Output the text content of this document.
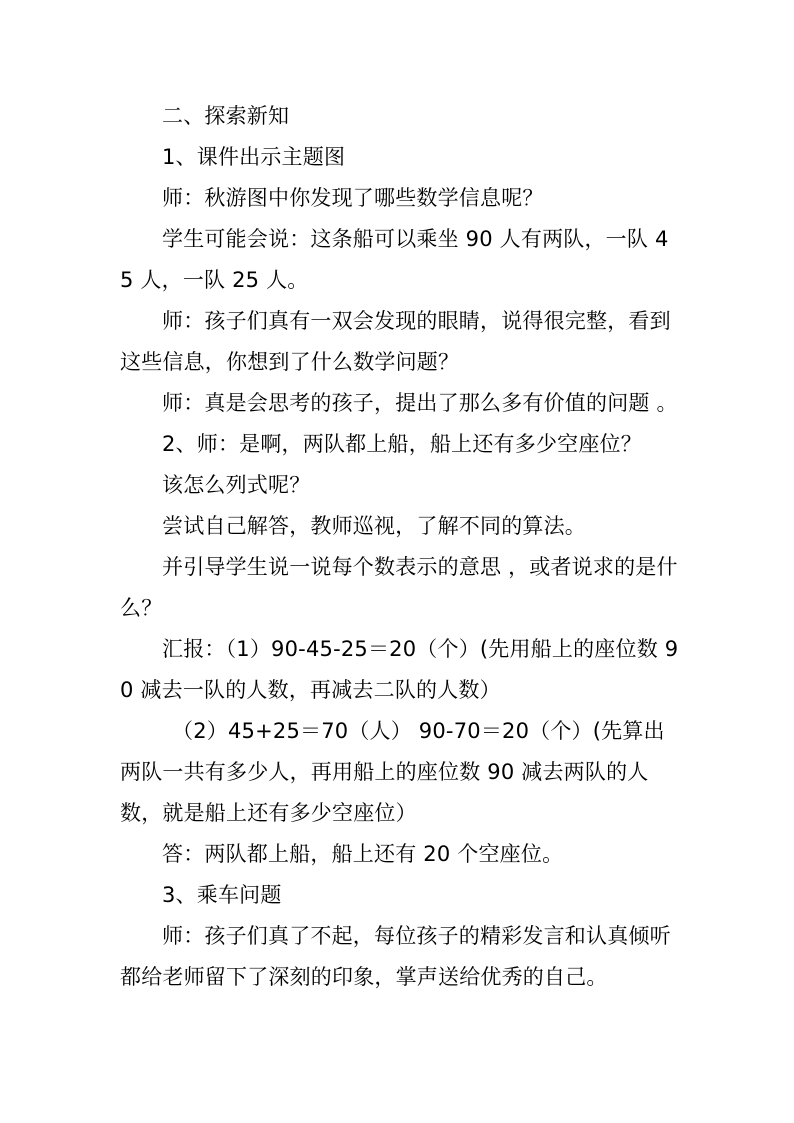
二、探索新知

1、课件出示主题图

师：秋游图中你发现了哪些数学信息呢？

学生可能会说：这条船可以乘坐 90 人有两队，一队 45 人，一队 25 人。

师：孩子们真有一双会发现的眼睛，说得很完整，看到这些信息，你想到了什么数学问题？

师：真是会思考的孩子，提出了那么多有价值的问题 。

2、师：是啊，两队都上船，船上还有多少空座位？

该怎么列式呢？

尝试自己解答，教师巡视，了解不同的算法。

并引导学生说一说每个数表示的意思 ，或者说求的是什么？

汇报：（1）90-45-25＝20（个）(先用船上的座位数 90 减去一队的人数，再减去二队的人数）

（2）45+25＝70（人） 90-70＝20（个）(先算出两队一共有多少人，再用船上的座位数 90 减去两队的人数，就是船上还有多少空座位）

答：两队都上船，船上还有 20 个空座位。

3、乘车问题

师：孩子们真了不起，每位孩子的精彩发言和认真倾听都给老师留下了深刻的印象，掌声送给优秀的自己。
